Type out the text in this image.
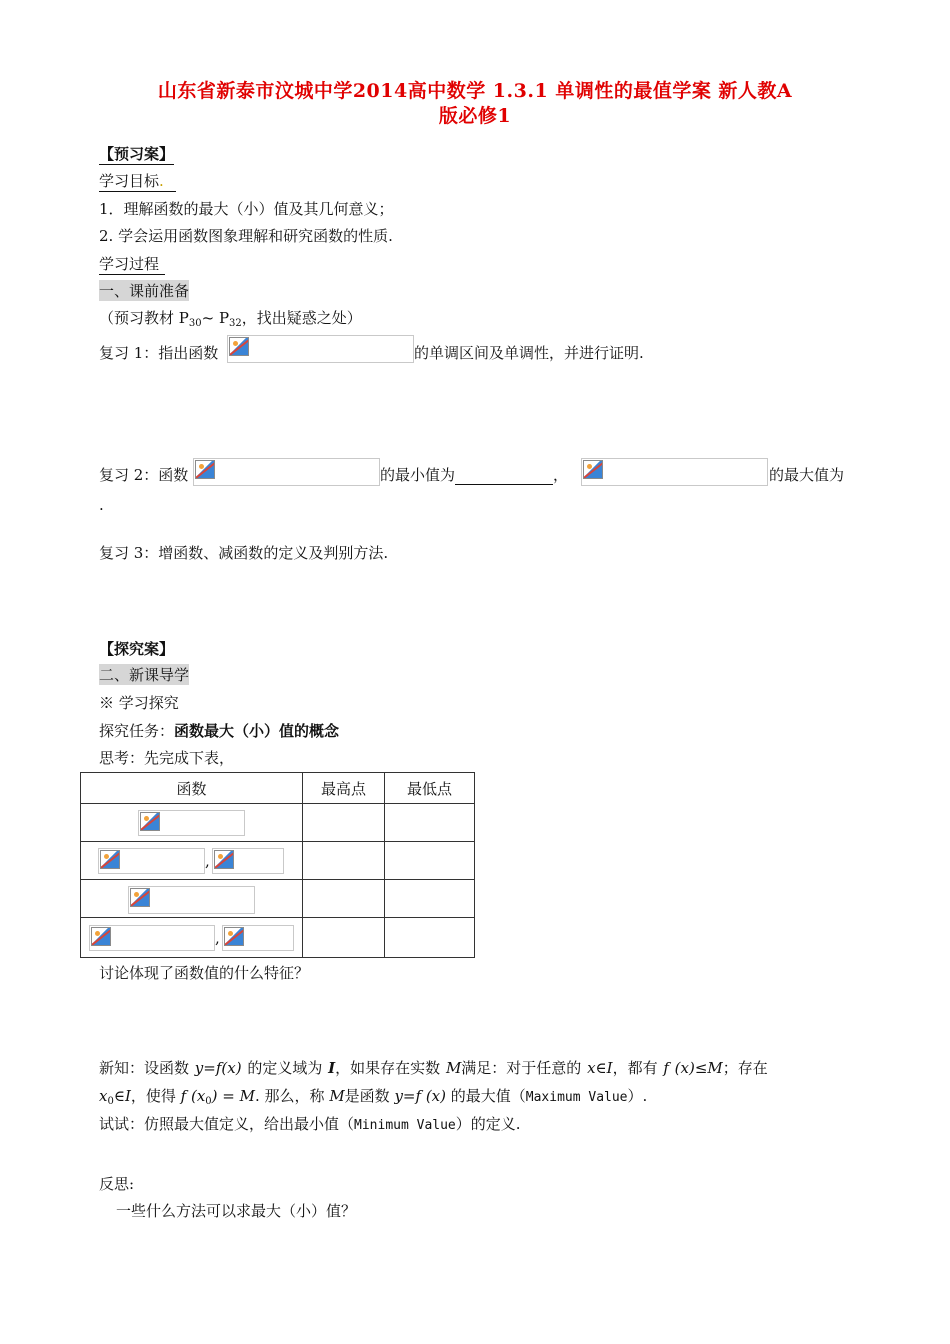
山东省新泰市汶城中学2014高中数学 1.3.1 单调性的最值学案 新人教A
版必修1
【预习案】
学习目标.
1．理解函数的最大（小）值及其几何意义；
2. 学会运用函数图象理解和研究函数的性质.
学习过程
一、课前准备
（预习教材 $P_{30}\sim$ $P_{32}$，找出疑惑之处）
复习 1：指出函数	的单调区间及单调性，并进行证明.
复习 2：函数	的最小值为	，	的最大值为
.
复习 3：增函数、减函数的定义及判别方法.
【探究案】
二、新课导学
※ 学习探究
探究任务：函数最大（小）值的概念
思考：先完成下表，
函数	最高点	最低点

,		

,		

讨论体现了函数值的什么特征？
新知：设函数 y=f(x) 的定义域为 I，如果存在实数 M满足：对于任意的 x∈I，都有 f (x)≤M；存在
$x_0\in I$，使得 f $(x_0) = M$. 那么，称 M是函数 y=f (x) 的最大值（Maximum Value）.
试试：仿照最大值定义，给出最小值（Minimum Value）的定义.
反思:
一些什么方法可以求最大（小）值？
